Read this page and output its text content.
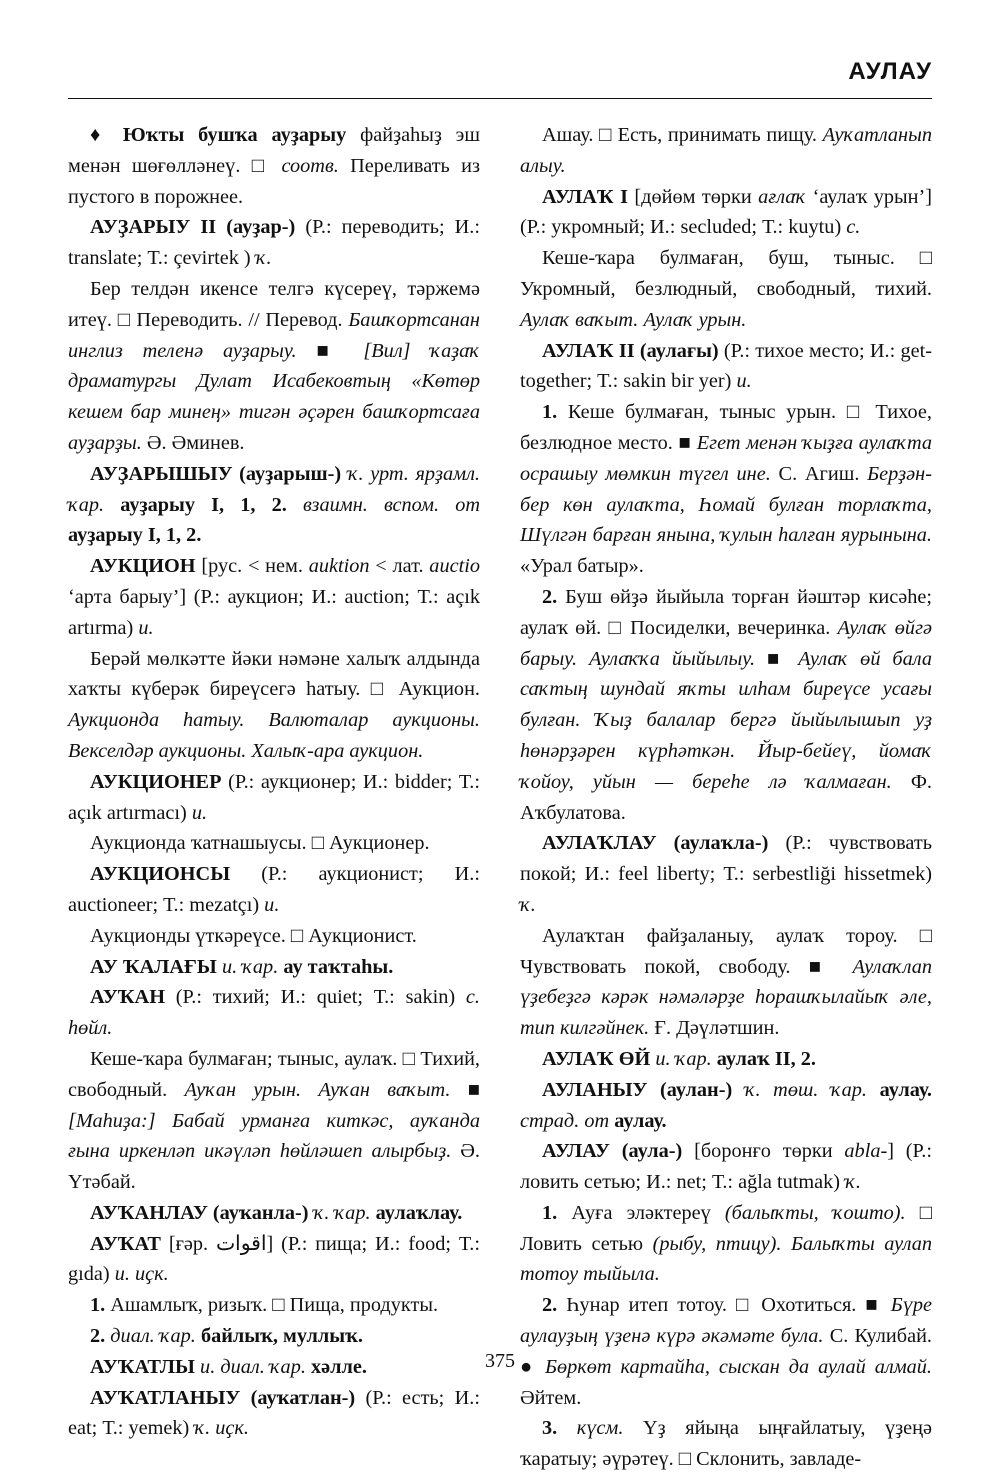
АУЛАУ

♦ Юҡты бушҡа ауҙарыу файҙаһыҙ эш менән шөғөлләнеү. □ соотв. Переливать из пустого в порожнее.

АУҘАРЫУ II (ауҙар-) (Р.: переводить; И.: translate; Т.: çevirtek ) ҡ.

Бер телдән икенсе телгә күсереү, тәржемә итеү. □ Переводить. // Перевод. Башҡортсанан инглиз теленә ауҙарыу. ■ [Вил] ҡаҙаҡ драматургы Дулат Исабековтың «Көтөр кешем бар минең» тигән әҫәрен башҡортсаға ауҙарҙы. Ә. Әминев.

АУҘАРЫШЫУ (ауҙарыш-) ҡ. урт. ярҙамл. ҡар. ауҙарыу I, 1, 2. взаимн. вспом. от ауҙарыу I, 1, 2.

АУКЦИОН [рус. < нем. auktion < лат. auctio ‘арта барыу’] (Р.: аукцион; И.: auction; Т.: açık artırma) и.

Берәй мөлкәтте йәки нәмәне халыҡ алдында хаҡты күберәк биреүсегә һатыу. □ Аукцион. Аукционда һатыу. Валюталар аукционы. Векселдәр аукционы. Халыҡ-ара аукцион.

АУКЦИОНЕР (Р.: аукционер; И.: bidder; Т.: açık artırmacı) и.

Аукционда ҡатнашыусы. □ Аукционер.

АУКЦИОНСЫ (Р.: аукционист; И.: auctioneer; Т.: mezatçı) и.

Аукционды үткәреүсе. □ Аукционист.

АУ ҠАЛАҒЫ и. ҡар. ау таҡтаһы.

АУҠАН (Р.: тихий; И.: quiet; Т.: sakin) с. һөйл.

Кеше-ҡара булмаған; тыныс, аулаҡ. □ Тихий, свободный. Ауҡан урын. Ауҡан ваҡыт. ■ [Маһиҙа:] Бабай урманға киткәс, ауҡанда ғына иркенләп икәүләп һөйләшеп алырбыҙ. Ә. Үтәбай.

АУҠАНЛАУ (ауҡанла-) ҡ. ҡар. аулаҡлау.

АУҠАТ [ғәр. اقوات] (Р.: пища; И.: food; Т.: gıda) и. иҫк.

1. Ашамлыҡ, ризыҡ. □ Пища, продукты.

2. диал. ҡар. байлыҡ, муллыҡ.

АУҠАТЛЫ и. диал. ҡар. хәлле.

АУҠАТЛАНЫУ (ауҡатлан-) (Р.: есть; И.: eat; Т.: yemek) ҡ. иҫк.

Ашау. □ Есть, принимать пищу. Ауҡатланып алыу.

АУЛАҠ I [дөйөм төрки ағлаҡ ‘аулаҡ урын’] (Р.: укромный; И.: secluded; Т.: kuytu) с.

Кеше-ҡара булмаған, буш, тыныс. □ Укромный, безлюдный, свободный, тихий. Аулаҡ ваҡыт. Аулаҡ урын.

АУЛАҠ II (аулағы) (Р.: тихое место; И.: get-together; Т.: sakin bir yer) и.

1. Кеше булмаған, тыныс урын. □ Тихое, безлюдное место. ■ Егет менән ҡыҙға аулаҡта осрашыу мөмкин түгел ине. С. Агиш. Берҙән-бер көн аулаҡта, Һомай булған торлаҡта, Шүлгән барған янына, ҡулын һалған яурынына. «Урал батыр».

2. Буш өйҙә йыйыла торған йәштәр кисәһе; аулаҡ өй. □ Посиделки, вечеринка. Аулаҡ өйгә барыу. Аулаҡҡа йыйылыу. ■ Аулаҡ өй бала саҡтың шундай яҡты илһам биреүсе усағы булған. Ҡыҙ балалар бергә йыйылышып уҙ һөнәрҙәрен күрһәткән. Йыр-бейеү, йомаҡ ҡойоу, уйын — береһе лә ҡалмаған. Ф. Аҡбулатова.

АУЛАҠЛАУ (аулаҡла-) (Р.: чувствовать покой; И.: feel liberty; Т.: serbestliği hissetmek) ҡ.

Аулаҡтан файҙаланыу, аулаҡ тороу. □ Чувствовать покой, свободу. ■ Аулаҡлап үҙебеҙгә кәрәк нәмәләрҙе һорашҡылайыҡ әле, тип килгәйнек. Ғ. Дәүләтшин.

АУЛАҠ ӨЙ и. ҡар. аулаҡ II, 2.

АУЛАНЫУ (аулан-) ҡ. төш. ҡар. аулау. страд. от аулау.

АУЛАУ (аула-) [боронғо төрки abla-] (Р.: ловить сетью; И.: net; Т.: ağla tutmak) ҡ.

1. Ауға эләктереү (балыҡты, ҡошто). □ Ловить сетью (рыбу, птицу). Балыҡты аулап тотоу тыйыла.

2. Һунар итеп тотоу. □ Охотиться. ■ Бүре аулауҙың үҙенә күрә әкәмәте була. С. Кулибай. ● Бөркөт картайһа, сыскан да аулай алмай. Әйтем.

3. күсм. Үҙ яйыңа ыңғайлатыу, үҙеңә ҡаратыу; әүрәтеү. □ Склонить, завладе-

375
